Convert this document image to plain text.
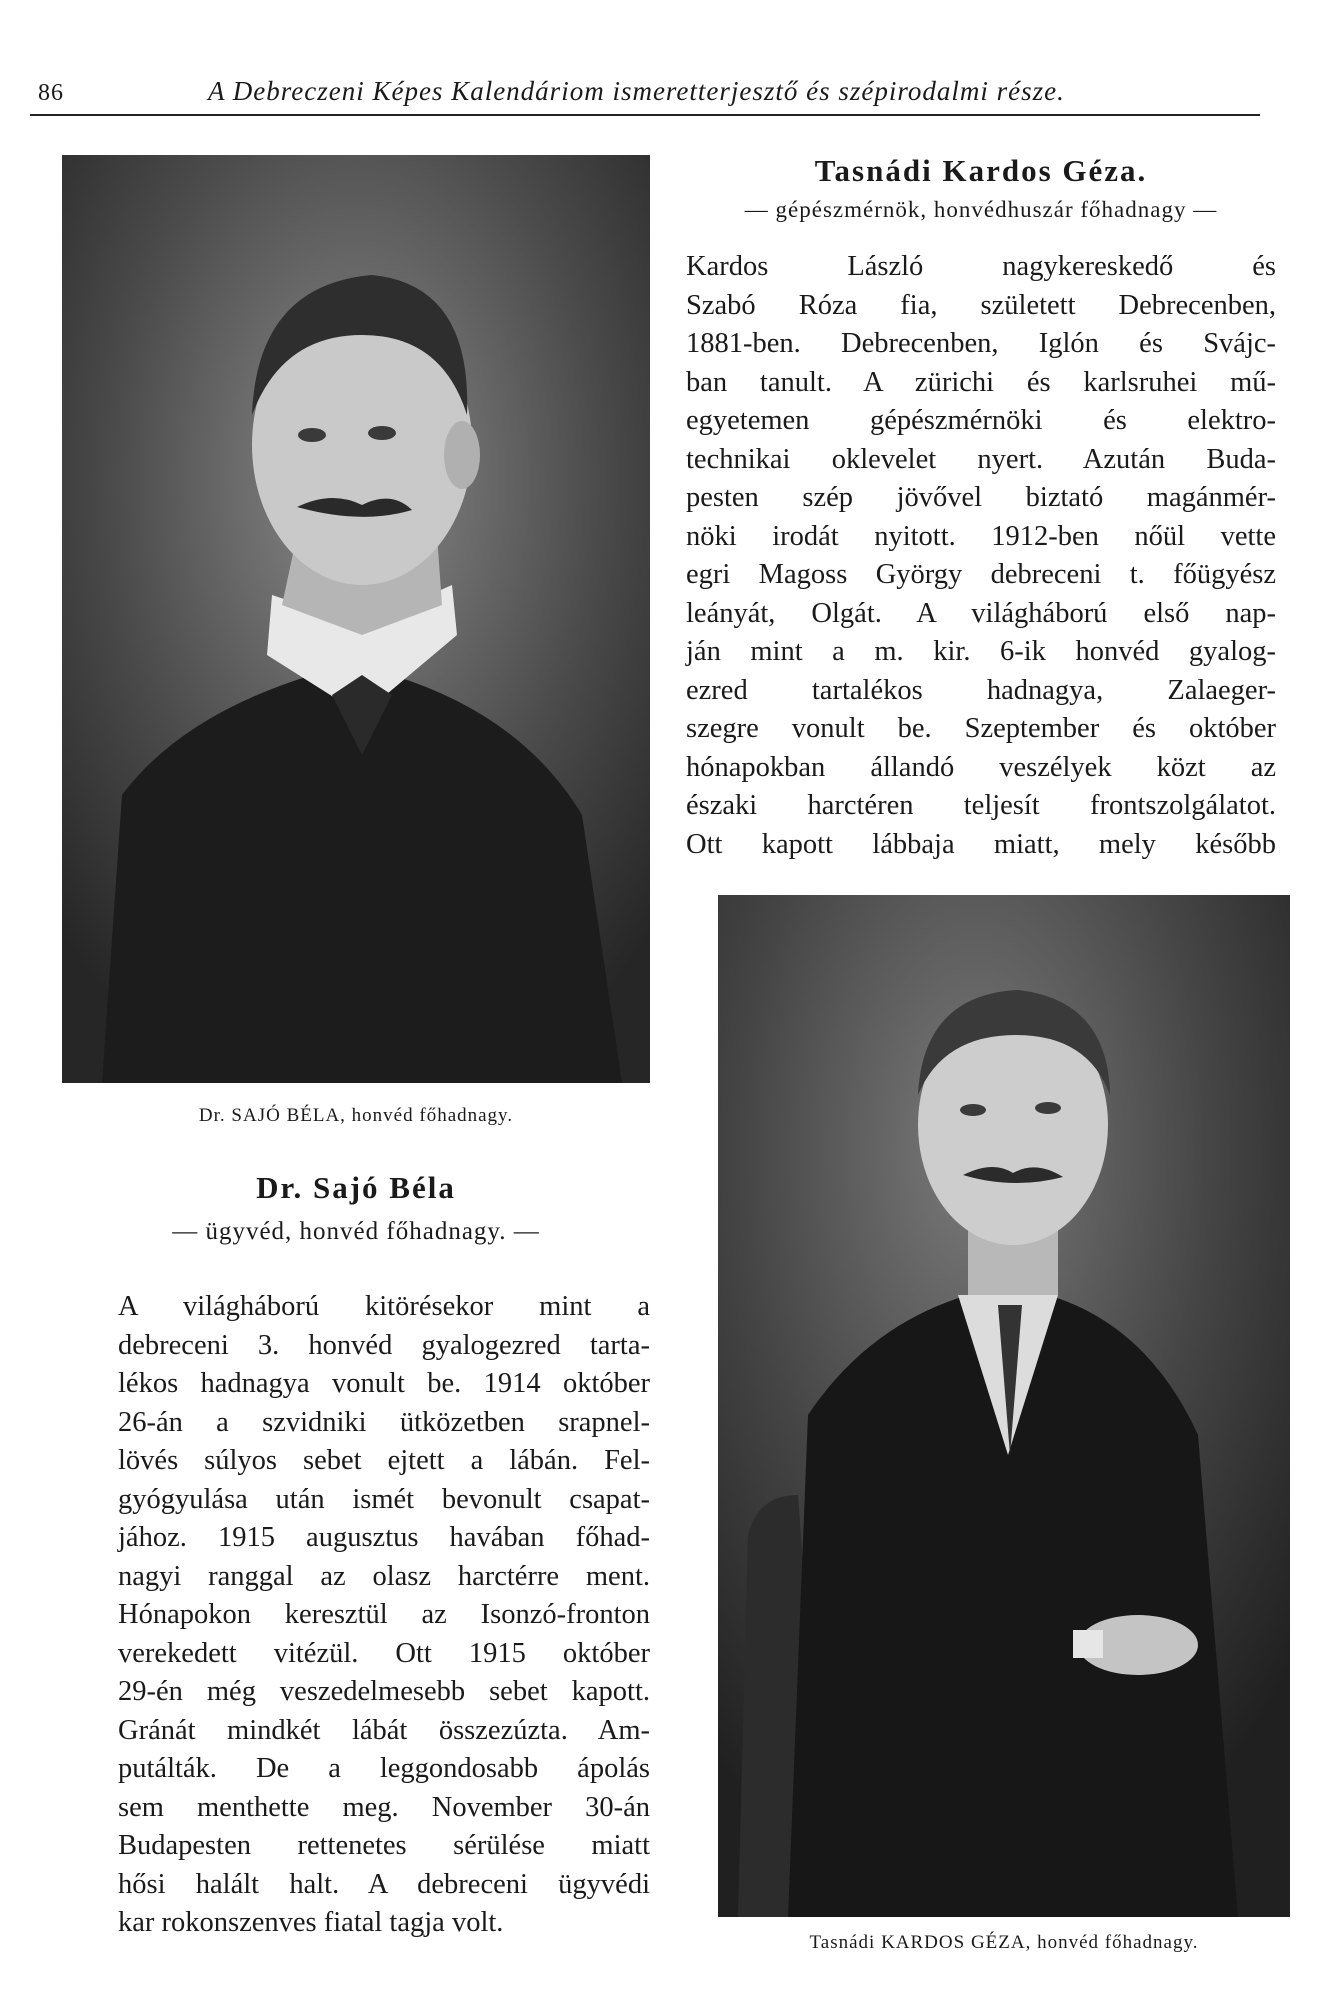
86	A Debreczeni Képes Kalendáriom ismeretterjesztő és szépirodalmi része.
Dr. SAJÓ BÉLA, honvéd főhadnagy.
Tasnádi KARDOS GÉZA, honvéd főhadnagy.
Tasnádi Kardos Géza.
— gépészmérnök, honvédhuszár főhadnagy —
Kardos László nagykereskedő és
Szabó Róza fia, született Debrecenben,
1881-ben. Debrecenben, Iglón és Svájc-
ban tanult. A zürichi és karlsruhei mű-
egyetemen gépészmérnöki és elektro-
technikai oklevelet nyert. Azután Buda-
pesten szép jövővel biztató magánmér-
nöki irodát nyitott. 1912-ben nőül vette
egri Magoss György debreceni t. főügyész
leányát, Olgát. A világháború első nap-
ján mint a m. kir. 6-ik honvéd gyalog-
ezred tartalékos hadnagya, Zalaeger-
szegre vonult be. Szeptember és október
hónapokban állandó veszélyek közt az
északi harctéren teljesít frontszolgálatot.
Ott kapott lábbaja miatt, mely később
Dr. Sajó Béla
— ügyvéd, honvéd főhadnagy. —
A világháború kitörésekor mint a
debreceni 3. honvéd gyalogezred tarta-
lékos hadnagya vonult be. 1914 október
26-án a szvidniki ütközetben srapnel-
lövés súlyos sebet ejtett a lábán. Fel-
gyógyulása után ismét bevonult csapat-
jához. 1915 augusztus havában főhad-
nagyi ranggal az olasz harctérre ment.
Hónapokon keresztül az Isonzó-fronton
verekedett vitézül. Ott 1915 október
29-én még veszedelmesebb sebet kapott.
Gránát mindkét lábát összezúzta. Am-
putálták. De a leggondosabb ápolás
sem menthette meg. November 30-án
Budapesten rettenetes sérülése miatt
hősi halált halt. A debreceni ügyvédi
kar rokonszenves fiatal tagja volt.
